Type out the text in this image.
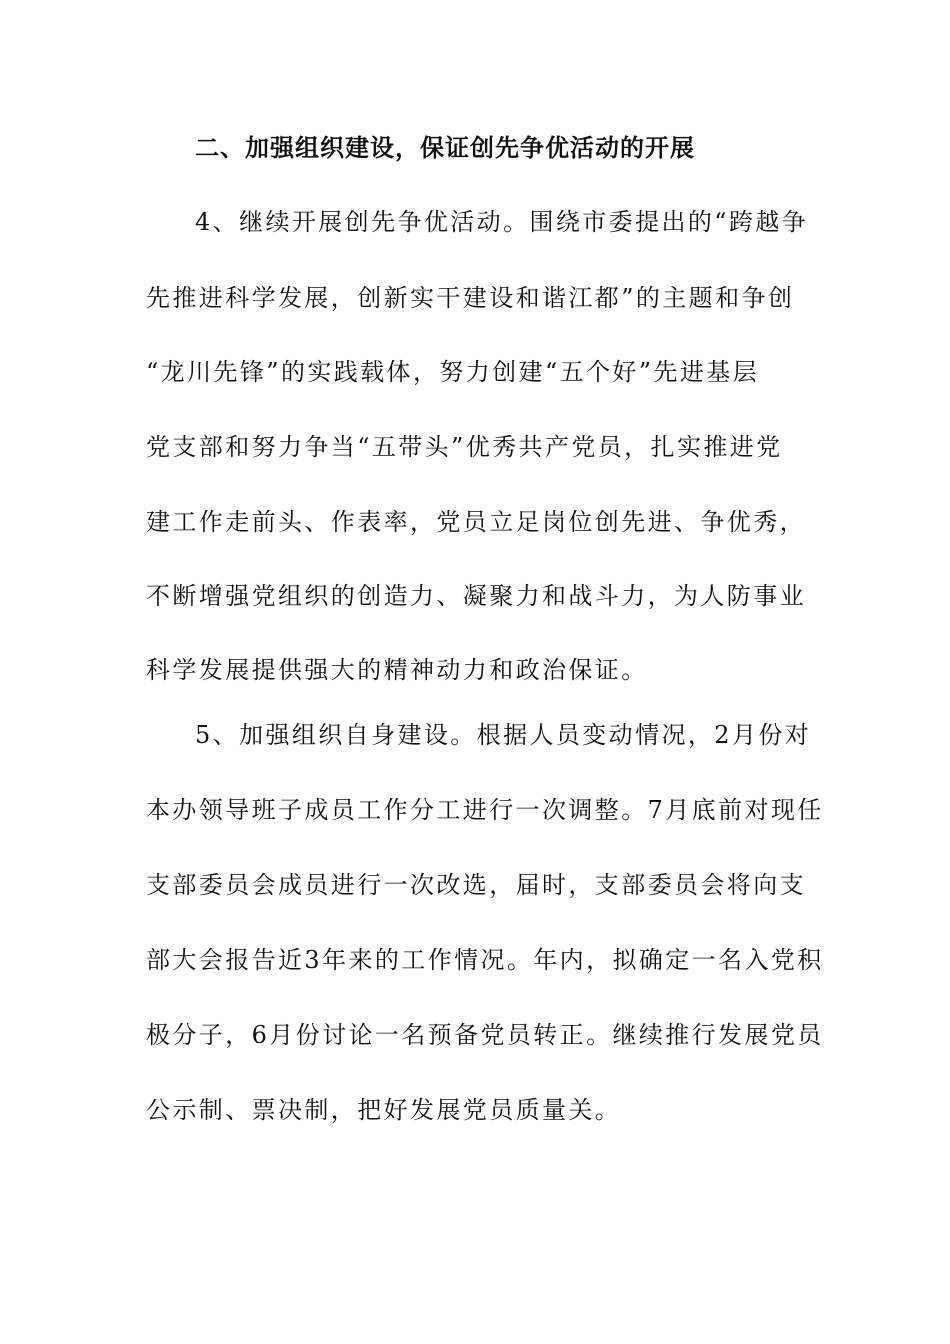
二、加强组织建设，保证创先争优活动的开展
4、继续开展创先争优活动。围绕市委提出的“跨越争
先推进科学发展，创新实干建设和谐江都”的主题和争创
“龙川先锋”的实践载体，努力创建“五个好”先进基层
党支部和努力争当“五带头”优秀共产党员，扎实推进党
建工作走前头、作表率，党员立足岗位创先进、争优秀，
不断增强党组织的创造力、凝聚力和战斗力，为人防事业
科学发展提供强大的精神动力和政治保证。
5、加强组织自身建设。根据人员变动情况，2月份对
本办领导班子成员工作分工进行一次调整。7月底前对现任
支部委员会成员进行一次改选，届时，支部委员会将向支
部大会报告近3年来的工作情况。年内，拟确定一名入党积
极分子，6月份讨论一名预备党员转正。继续推行发展党员
公示制、票决制，把好发展党员质量关。
